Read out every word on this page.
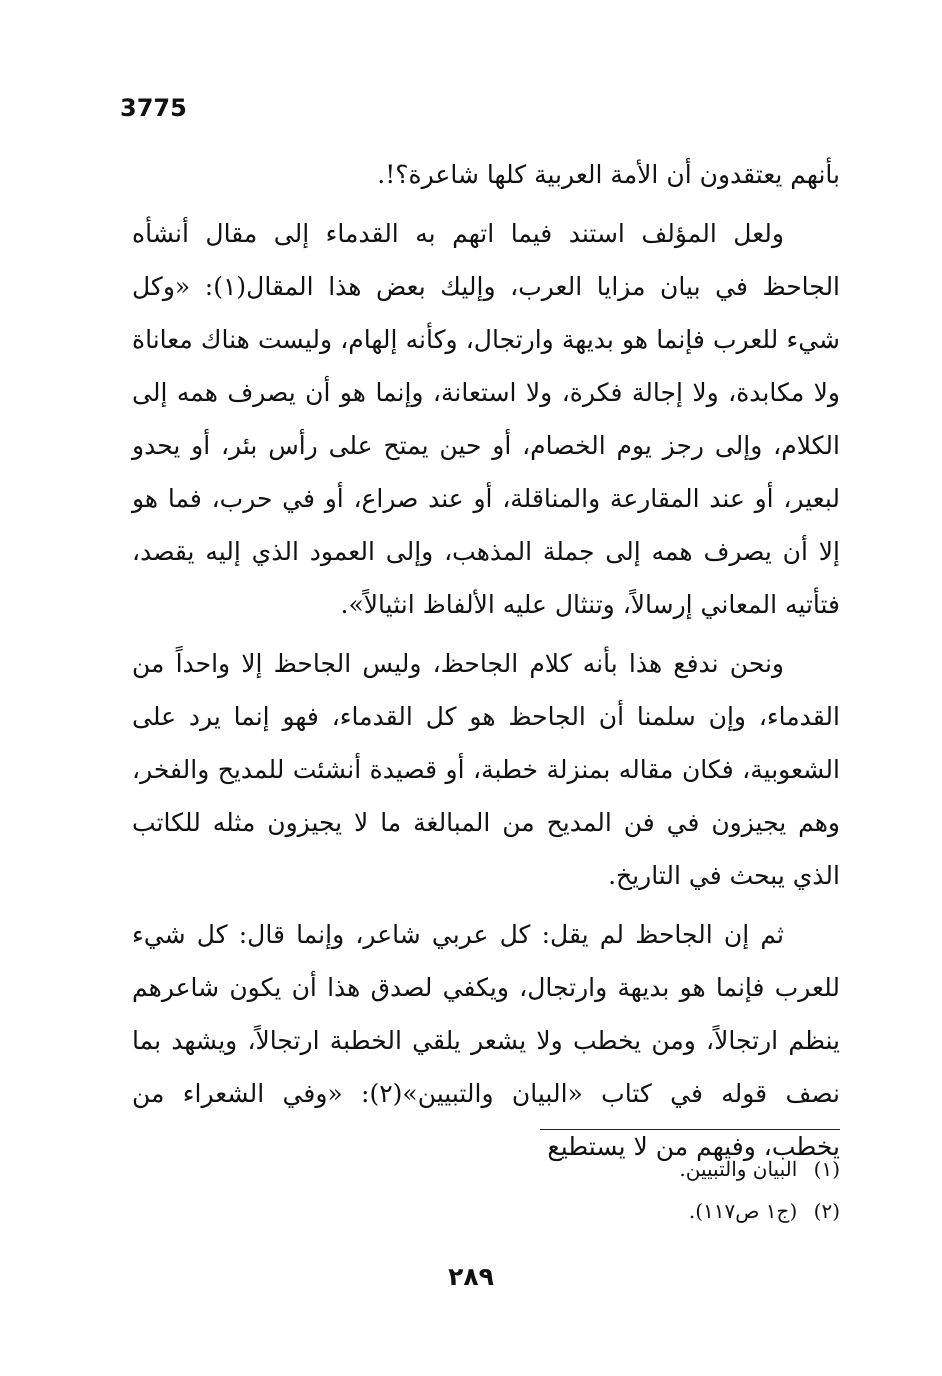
3775

بأنهم يعتقدون أن الأمة العربية كلها شاعرة؟!.

ولعل المؤلف استند فيما اتهم به القدماء إلى مقال أنشأه الجاحظ في بيان مزايا العرب، وإليك بعض هذا المقال(١): «وكل شيء للعرب فإنما هو بديهة وارتجال، وكأنه إلهام، وليست هناك معاناة ولا مكابدة، ولا إجالة فكرة، ولا استعانة، وإنما هو أن يصرف همه إلى الكلام، وإلى رجز يوم الخصام، أو حين يمتح على رأس بئر، أو يحدو لبعير، أو عند المقارعة والمناقلة، أو عند صراع، أو في حرب، فما هو إلا أن يصرف همه إلى جملة المذهب، وإلى العمود الذي إليه يقصد، فتأتيه المعاني إرسالاً، وتنثال عليه الألفاظ انثيالاً».

ونحن ندفع هذا بأنه كلام الجاحظ، وليس الجاحظ إلا واحداً من القدماء، وإن سلمنا أن الجاحظ هو كل القدماء، فهو إنما يرد على الشعوبية، فكان مقاله بمنزلة خطبة، أو قصيدة أنشئت للمديح والفخر، وهم يجيزون في فن المديح من المبالغة ما لا يجيزون مثله للكاتب الذي يبحث في التاريخ.

ثم إن الجاحظ لم يقل: كل عربي شاعر، وإنما قال: كل شيء للعرب فإنما هو بديهة وارتجال، ويكفي لصدق هذا أن يكون شاعرهم ينظم ارتجالاً، ومن يخطب ولا يشعر يلقي الخطبة ارتجالاً، ويشهد بما نصف قوله في كتاب «البيان والتبيين»(٢): «وفي الشعراء من يخطب، وفيهم من لا يستطيع

(١) البيان والتبيين.

(٢) (ج١ ص١١٧).

٢٨٩
